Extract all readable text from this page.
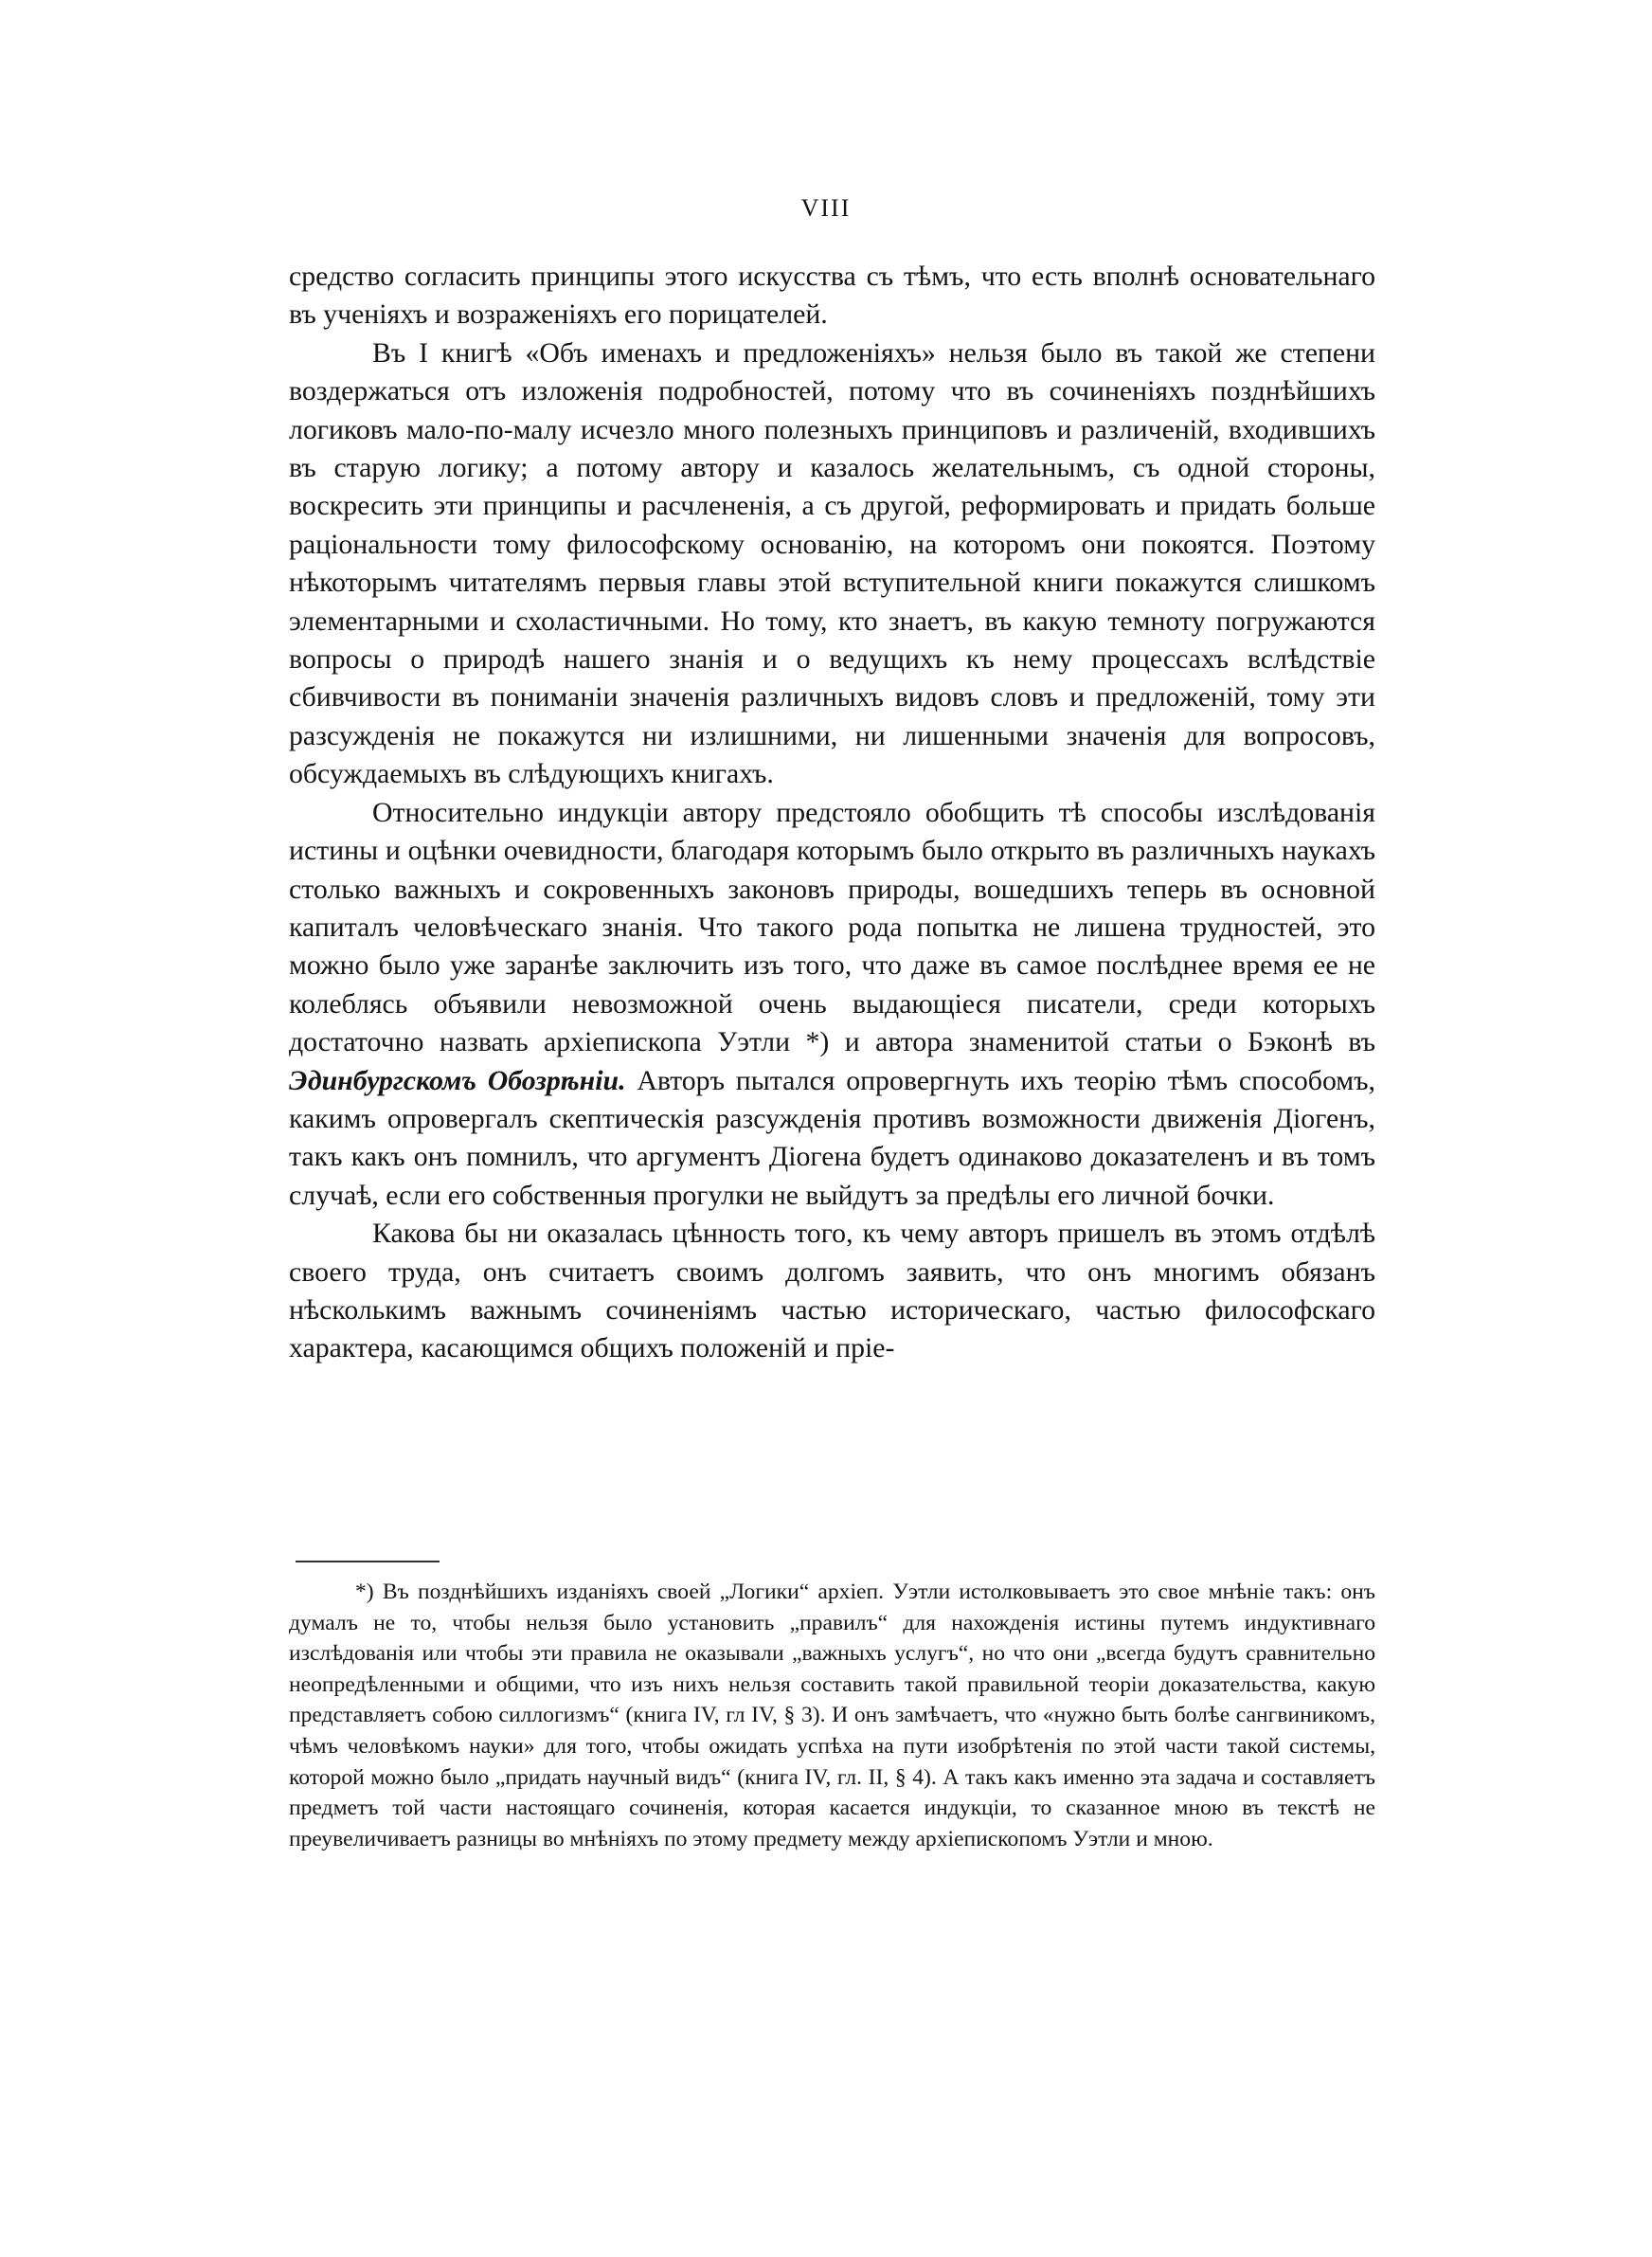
VIII

средство согласить принципы этого искусства съ тѣмъ, что есть вполнѣ основательнаго въ ученіяхъ и возраженіяхъ его порицателей.

Въ I книгѣ «Объ именахъ и предложеніяхъ» нельзя было въ такой же степени воздержаться отъ изложенія подробностей, потому что въ сочиненіяхъ позднѣйшихъ логиковъ мало-по-малу исчезло много полезныхъ принциповъ и различеній, входившихъ въ старую логику; а потому автору и казалось желательнымъ, съ одной стороны, воскресить эти принципы и расчлененія, а съ другой, реформировать и придать больше раціональности тому философскому основанію, на которомъ они покоятся. Поэтому нѣкоторымъ читателямъ первыя главы этой вступительной книги покажутся слишкомъ элементарными и схоластичными. Но тому, кто знаетъ, въ какую темноту погружаются вопросы о природѣ нашего знанія и о ведущихъ къ нему процессахъ вслѣдствіе сбивчивости въ пониманіи значенія различныхъ видовъ словъ и предложеній, тому эти разсужденія не покажутся ни излишними, ни лишенными значенія для вопросовъ, обсуждаемыхъ въ слѣдующихъ книгахъ.

Относительно индукціи автору предстояло обобщить тѣ способы изслѣдованія истины и оцѣнки очевидности, благодаря которымъ было открыто въ различныхъ наукахъ столько важныхъ и сокровенныхъ законовъ природы, вошедшихъ теперь въ основной капиталъ человѣческаго знанія. Что такого рода попытка не лишена трудностей, это можно было уже заранѣе заключить изъ того, что даже въ самое послѣднее время ее не колеблясь объявили невозможной очень выдающіеся писатели, среди которыхъ достаточно назвать архіепископа Уэтли *) и автора знаменитой статьи о Бэконѣ въ Эдинбургскомъ Обозрѣніи. Авторъ пытался опровергнуть ихъ теорію тѣмъ способомъ, какимъ опровергалъ скептическія разсужденія противъ возможности движенія Діогенъ, такъ какъ онъ помнилъ, что аргументъ Діогена будетъ одинаково доказателенъ и въ томъ случаѣ, если его собственныя прогулки не выйдутъ за предѣлы его личной бочки.

Какова бы ни оказалась цѣнность того, къ чему авторъ пришелъ въ этомъ отдѣлѣ своего труда, онъ считаетъ своимъ долгомъ заявить, что онъ многимъ обязанъ нѣсколькимъ важнымъ сочиненіямъ частью историческаго, частью философскаго характера, касающимся общихъ положеній и пріе-

*) Въ позднѣйшихъ изданіяхъ своей „Логики“ архіеп. Уэтли истолковываетъ это свое мнѣніе такъ: онъ думалъ не то, чтобы нельзя было установить „правилъ“ для нахожденія истины путемъ индуктивнаго изслѣдованія или чтобы эти правила не оказывали „важныхъ услугъ“, но что они „всегда будутъ сравнительно неопредѣленными и общими, что изъ нихъ нельзя составить такой правильной теоріи доказательства, какую представляетъ собою силлогизмъ“ (книга IV, гл IV, § 3). И онъ замѣчаетъ, что «нужно быть болѣе сангвиникомъ, чѣмъ человѣкомъ науки» для того, чтобы ожидать успѣха на пути изобрѣтенія по этой части такой системы, которой можно было „придать научный видъ“ (книга IV, гл. II, § 4). А такъ какъ именно эта задача и составляетъ предметъ той части настоящаго сочиненія, которая касается индукціи, то сказанное мною въ текстѣ не преувеличиваетъ разницы во мнѣніяхъ по этому предмету между архіепископомъ Уэтли и мною.
